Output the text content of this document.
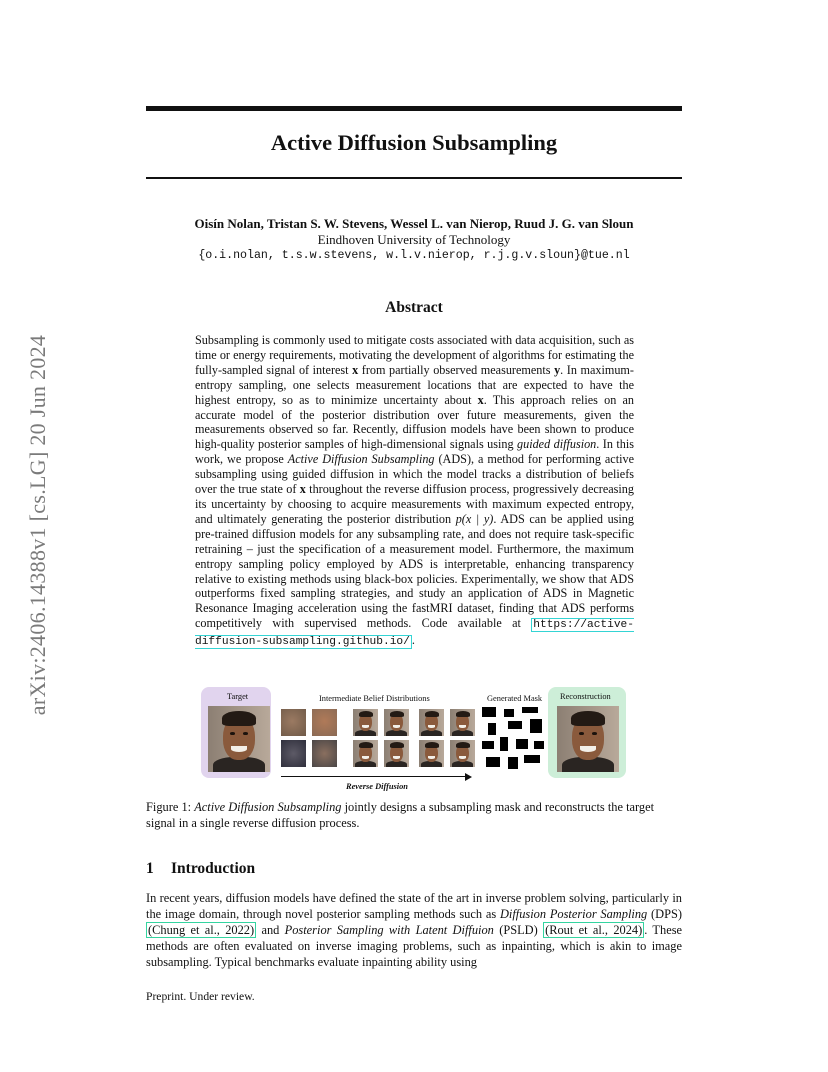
arXiv:2406.14388v1 [cs.LG] 20 Jun 2024
Active Diffusion Subsampling
Oisín Nolan, Tristan S. W. Stevens, Wessel L. van Nierop, Ruud J. G. van Sloun
Eindhoven University of Technology
{o.i.nolan, t.s.w.stevens, w.l.v.nierop, r.j.g.v.sloun}@tue.nl
Abstract

Subsampling is commonly used to mitigate costs associated with data acquisition, such as time or energy requirements, motivating the development of algorithms for estimating the fully-sampled signal of interest x from partially observed measurements y. In maximum-entropy sampling, one selects measurement locations that are expected to have the highest entropy, so as to minimize uncertainty about x. This approach relies on an accurate model of the posterior distribution over future measurements, given the measurements observed so far. Recently, diffusion models have been shown to produce high-quality posterior samples of high-dimensional signals using guided diffusion. In this work, we propose Active Diffusion Subsampling (ADS), a method for performing active subsampling using guided diffusion in which the model tracks a distribution of beliefs over the true state of x throughout the reverse diffusion process, progressively decreasing its uncertainty by choosing to acquire measurements with maximum expected entropy, and ultimately generating the posterior distribution p(x | y). ADS can be applied using pre-trained diffusion models for any subsampling rate, and does not require task-specific retraining – just the specification of a measurement model. Furthermore, the maximum entropy sampling policy employed by ADS is interpretable, enhancing transparency relative to existing methods using black-box policies. Experimentally, we show that ADS outperforms fixed sampling strategies, and study an application of ADS in Magnetic Resonance Imaging acceleration using the fastMRI dataset, finding that ADS performs competitively with supervised methods. Code available at https://active-diffusion-subsampling.github.io/ .

Target	Intermediate Belief Distributions	Generated Mask Reconstruction
Reverse Diffusion

Figure 1: Active Diffusion Subsampling jointly designs a subsampling mask and reconstructs the target signal in a single reverse diffusion process.

1 Introduction

In recent years, diffusion models have defined the state of the art in inverse problem solving, particularly in the image domain, through novel posterior sampling methods such as Diffusion Posterior Sampling (DPS) (Chung et al., 2022) and Posterior Sampling with Latent Diffuion (PSLD) (Rout et al., 2024) . These methods are often evaluated on inverse imaging problems, such as inpainting, which is akin to image subsampling. Typical benchmarks evaluate inpainting ability using

Preprint. Under review.
